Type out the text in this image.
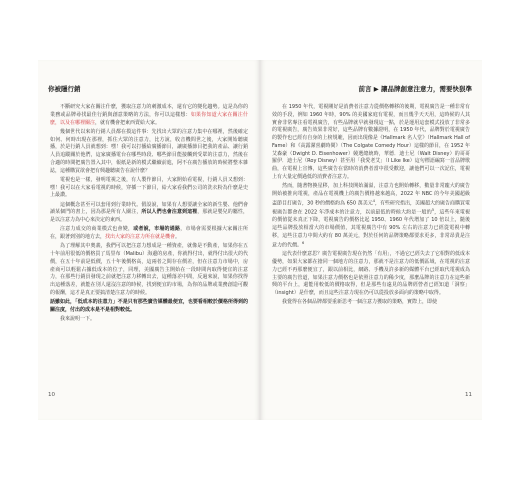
你被隱行銷

不斷研究大家在關注什麼，獲取注意力的刺激成本，還有它的變化趨勢。這是為你的業務或品牌尋找最佳行銷與創意策略的方法，你可以這樣想：如果你知道大家在關注什麼，以及在哪裡關注，就有機會把東西賣給大家。

幾個世代以來的行銷人員都在摸這件事：先找出大眾的注意力集中在哪裡，然後確定如何、何時出現在那裡，抓住大眾的注意力，比方說，收音機問世之後，大家開始聽廣播，於是行銷人員就想到：嘿！我可以打播給廣播節目，讓廣播節目把我的產品、讓行銷人員追蹤關於他們，這家廣播電台在哪些時段、哪些節目能接觸到受眾的注意力，然後在合適的時間把廣告置入其中，報紙是新的模式繼續前進，阿不在廣告播放的時候將整本雜誌，這種購買欲會把有興趣聽廣告在說什麼？

電視也是一樣，發明電視之後，有人製作節目，大家開始看電視，行銷人員又想到：嘿！我可以在大家看電視的時候，穿插一下節目，給大家看我們公司的洗衣粉為什麼是史上最讚。

這個概念甚至可以套用到行業時代。假設說，如果有人想要讓全家的新生嬰、他們會讀某個門的書上，因為那是所有人關注，所以人們也會注意到這裡，那就是嬰兒的屬性，是以注意力為中心來決定的東西。

注意力成交的商業模式也會變，或者說，市場的通路，市場會需要根據大家關注所在，跟著到別的地方去，找出大家的注意力所在就是機會。

為了理解其中奧義，我們可以把注意力想成是一種資產，就像是不動產，如果你在五十年前用很低的價格買了馬里布（Malibu）海邊的房產，你就得付出，就得付出很大的代價，在五十年前是低價，五十年後價格高，這兩者之間存在價差，但在注意力市場中，房產商可以輕鬆占據低成本的位子，同理，美國廣告主開始在一段時間內取得便宜的注意力，在那些行銷員發現之前就把注意力移轉出去，這種落差中間，反過來說，如果你找得出這種落差，就能在別人還沒注意的時候，找到便宜的市場，為你的品牌或業務創造可觀的報酬，這才是真正要搞清楚注意力的時候。

話雖如此，「低成本的注意力」不是只有那些廣告媒體最便宜，也要看相較於價格所得到的關注度，付出的成本是不是相對較低。

我來說明一下。

10
前言 ▶ 讓品牌創意注意力，需要快狠準

在 1950 年代，電視剛好是消費者注意力從價格轉移的後期，電視廣告是一種非常有效的手段，例如 1960 年時，90% 的美國家庭有電視，而且幾乎天天用，這時候的人其實會非常專注看電視廣告，有些品牌就早就發現這一點，於是運用這套模式投放了非常多的電視廣告，廣告效果非常好，這些品牌有數據證明，在 1950 年代，品牌對於電視廣告的製作也已經有自身的上榜規範，因而出現像是《Hallmark 名人堂》（Hallmark Hall of Fame）和《高露潔喜劇時間》（The Colgate Comedy Hour）這樣的節目，在 1952 年艾森豪（Dwight D. Eisenhower）競選總統時，華德．迪士尼（Walt Disney）的哥哥羅伊．迪士尼（Roy Disney）甚至用「我愛老艾」（I Like Ike）這句標語編寫一首品牌歌曲，在電視上宣傳，這些廣告在當時的消費者當中很受歡迎，讓他們可以一次記住，電視上有大量定價過低的消費者注意力。

然而，隨著物換星移，加上科技開始滿溢，注意力也開始轉移，數量非常龐大的廣告開始被推向電視，產品在電視機上的廣告價格越來越高，2022 年 NBC 的今年美國超級盃節目打廣告，30 秒的價格約為 650 萬美元$^4$，有些研究指出，美國超大的廣告商購買電視廣告都會在 2022 年淨成本的注意力，以前最低的時候大約是一般的$^5$，這些年來電視的價值從未真正下降，電視廣告的價格比起 1950、1960 年代增加了 10 倍以上，隨後這些品牌投放相當大的市場價值，其電視廣告中有 90% 左右的注意力已經從電視中轉移，這些注意力中間大約有 80 萬美元，對於任何的品牌策略都要求更多，非常昂貴是注意力的代價。$^6$

這代表什麼意思？廣告電視廣告現在仍然「有用」，不過它已經失去了它相對的低成本優勢，如果大家都在搶同一個地方的注意力，那就不是注意力的低價區域，在電視的注意力已經不再那麼便宜了，跟以前相比，網路、手機及許多新的媒體平台已經取代電視成為主要的廣告管道，如果注意力價格也是依照注意力的稀少度，那麼品牌的注意力在這些新興的平台上，還能用較低的價格取得，但是那些有遠見的品牌經營者已經知道「洞察」（insight）是什麼，而且這些注意力現在仍可以從投放多面向的策略中取得。

我覺得在各個品牌都要重新思考一個注意力獲取的策略，實際上，即使

11
